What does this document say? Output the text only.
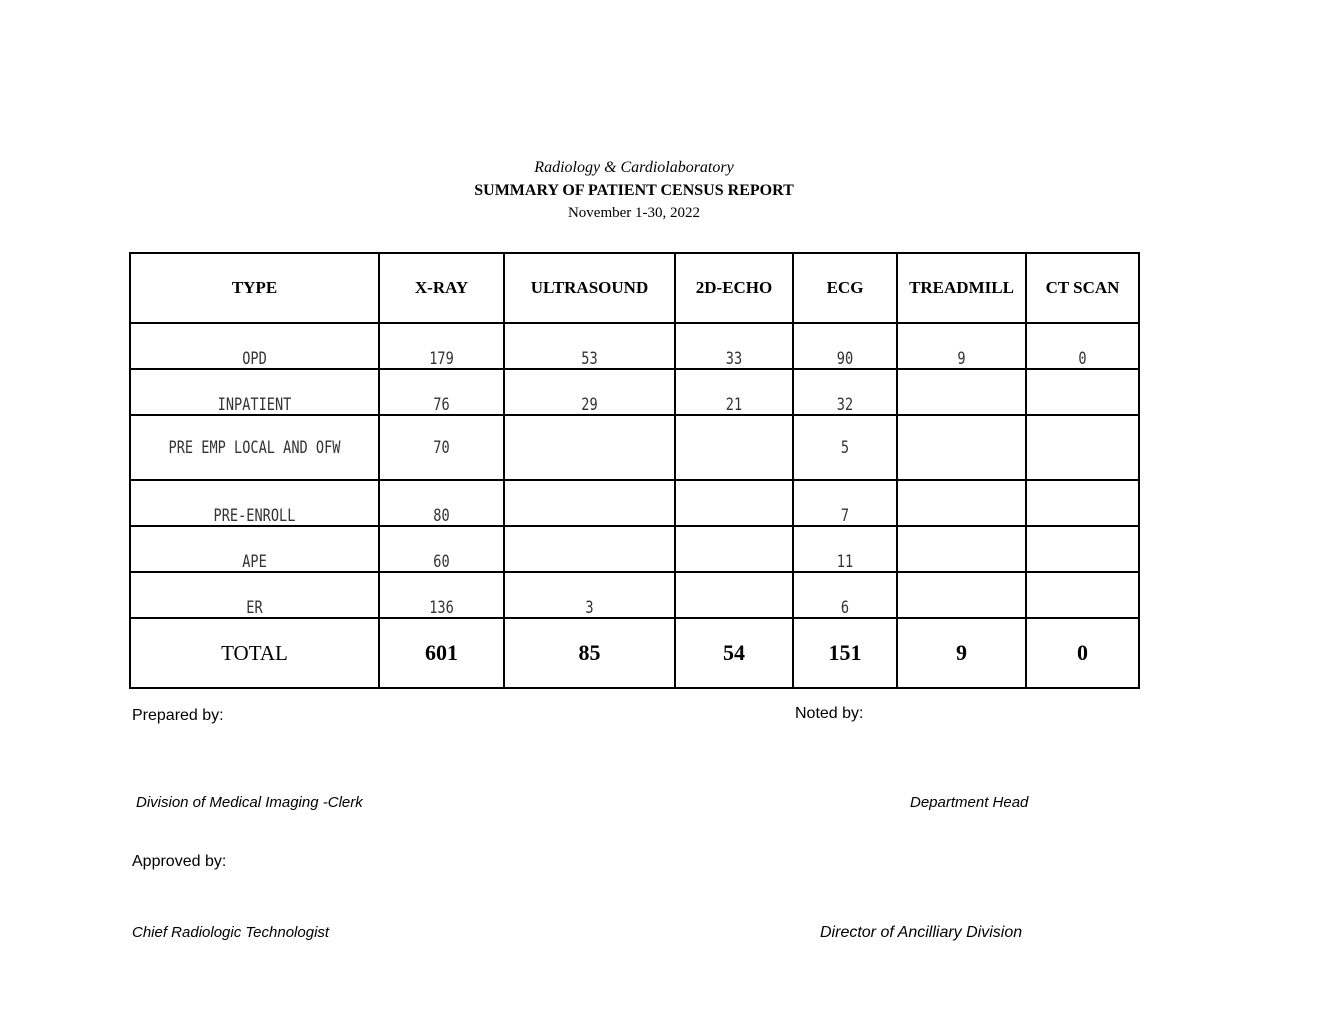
Radiology & Cardiolaboratory
SUMMARY OF PATIENT CENSUS REPORT
November 1-30, 2022
TYPE	X-RAY	ULTRASOUND	2D-ECHO	ECG	TREADMILL	CT SCAN
OPD	179	53	33	90	9	0
INPATIENT	76	29	21	32		
PRE EMP LOCAL AND OFW	70			5		
PRE-ENROLL	80			7		
APE	60			11		
ER	136	3		6		
TOTAL	601	85	54	151	9	0
Prepared by:	Noted by:
Division of Medical Imaging -Clerk	Department Head
Approved by:
Chief Radiologic Technologist	Director of Ancilliary Division
